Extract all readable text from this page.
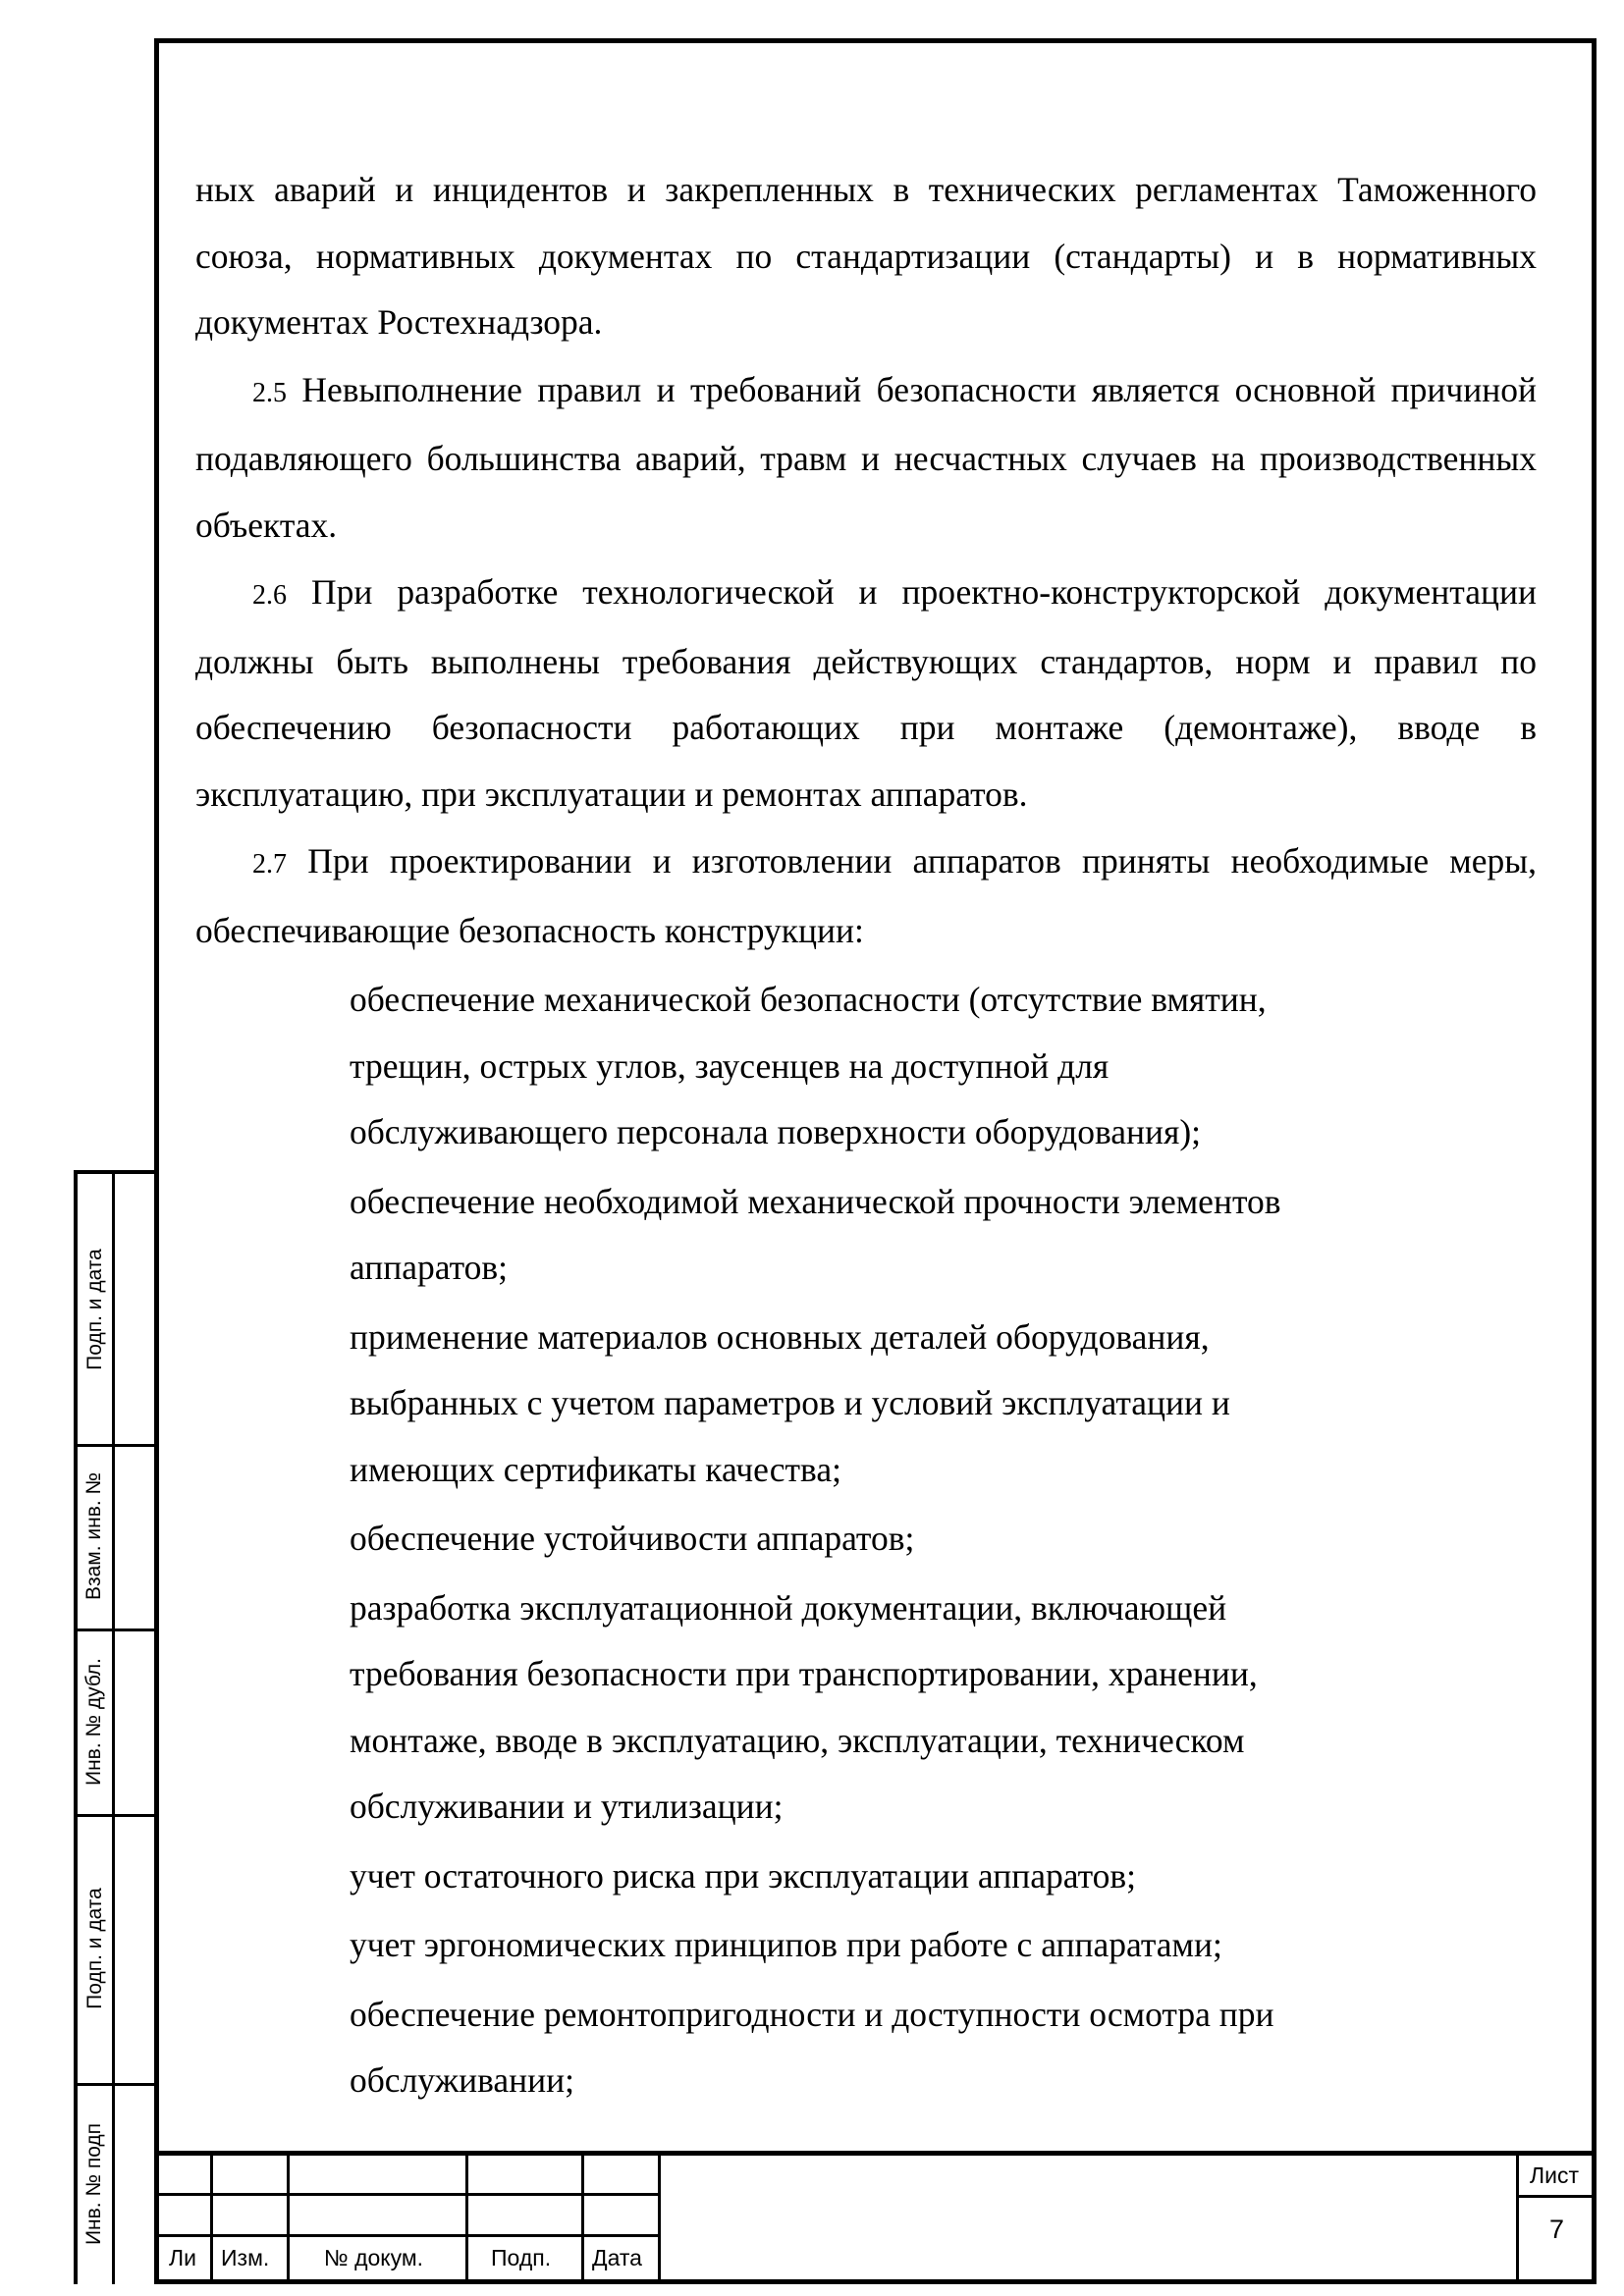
ных аварий и инцидентов и закрепленных в технических регламентах Таможенного союза, нормативных документах по стандартизации (стандарты) и в нормативных документах Ростехнадзора.

2.5 Невыполнение правил и требований безопасности является основной причиной подавляющего большинства аварий, травм и несчастных случаев на производственных объектах.

2.6 При разработке технологической и проектно-конструкторской документации должны быть выполнены требования действующих стандартов, норм и правил по обеспечению безопасности работающих при монтаже (демонтаже), вводе в эксплуатацию, при эксплуатации и ремонтах аппаратов.

2.7 При проектировании и изготовлении аппаратов приняты необходимые меры, обеспечивающие безопасность конструкции:

обеспечение механической безопасности (отсутствие вмятин,
трещин, острых углов, заусенцев на доступной для
обслуживающего персонала поверхности оборудования);
обеспечение необходимой механической прочности элементов
аппаратов;
применение материалов основных деталей оборудования,
выбранных с учетом параметров и условий эксплуатации и
имеющих сертификаты качества;
обеспечение устойчивости аппаратов;
разработка эксплуатационной документации, включающей
требования безопасности при транспортировании, хранении,
монтаже, вводе в эксплуатацию, эксплуатации, техническом
обслуживании и утилизации;
учет остаточного риска при эксплуатации аппаратов;
учет эргономических принципов при работе с аппаратами;
обеспечение ремонтопригодности и доступности осмотра при
обслуживании;
Подп. и дата
Взам. инв. №
Инв. № дубл.
Подп. и дата
Инв. № подп
Ли Изм. № докум.	Подп. Дата
Лист
7
